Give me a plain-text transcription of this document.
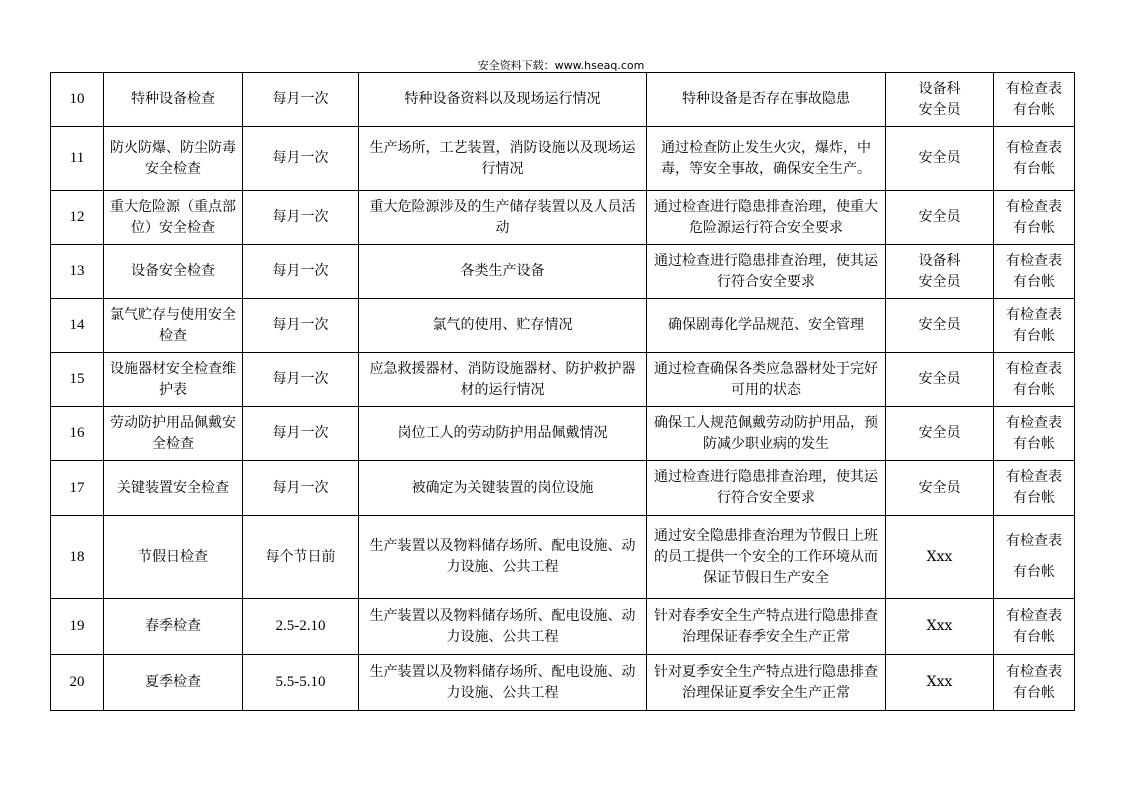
安全资料下载：www.hseaq.com
10	特种设备检查	每月一次	特种设备资料以及现场运行情况	特种设备是否存在事故隐患	设备科
安全员	有检查表
有台帐
11	防火防爆、防尘防毒安全检查	每月一次	生产场所，工艺装置，消防设施以及现场运行情况	通过检查防止发生火灾，爆炸，中毒，等安全事故，确保安全生产。	安全员	有检查表
有台帐
12	重大危险源（重点部位）安全检查	每月一次	重大危险源涉及的生产储存装置以及人员活动	通过检查进行隐患排查治理，使重大危险源运行符合安全要求	安全员	有检查表
有台帐
13	设备安全检查	每月一次	各类生产设备	通过检查进行隐患排查治理，使其运行符合安全要求	设备科
安全员	有检查表
有台帐
14	氯气贮存与使用安全检查	每月一次	氯气的使用、贮存情况	确保剧毒化学品规范、安全管理	安全员	有检查表
有台帐
15	设施器材安全检查维护表	每月一次	应急救援器材、消防设施器材、防护救护器材的运行情况	通过检查确保各类应急器材处于完好可用的状态	安全员	有检查表
有台帐
16	劳动防护用品佩戴安全检查	每月一次	岗位工人的劳动防护用品佩戴情况	确保工人规范佩戴劳动防护用品，预防减少职业病的发生	安全员	有检查表
有台帐
17	关键装置安全检查	每月一次	被确定为关键装置的岗位设施	通过检查进行隐患排查治理，使其运行符合安全要求	安全员	有检查表
有台帐
18	节假日检查	每个节日前	生产装置以及物料储存场所、配电设施、动力设施、公共工程	通过安全隐患排查治理为节假日上班的员工提供一个安全的工作环境从而保证节假日生产安全	Xxx	有检查表
有台帐
19	春季检查	2.5-2.10	生产装置以及物料储存场所、配电设施、动力设施、公共工程	针对春季安全生产特点进行隐患排查治理保证春季安全生产正常	Xxx	有检查表
有台帐
20	夏季检查	5.5-5.10	生产装置以及物料储存场所、配电设施、动力设施、公共工程	针对夏季安全生产特点进行隐患排查治理保证夏季安全生产正常	Xxx	有检查表
有台帐
